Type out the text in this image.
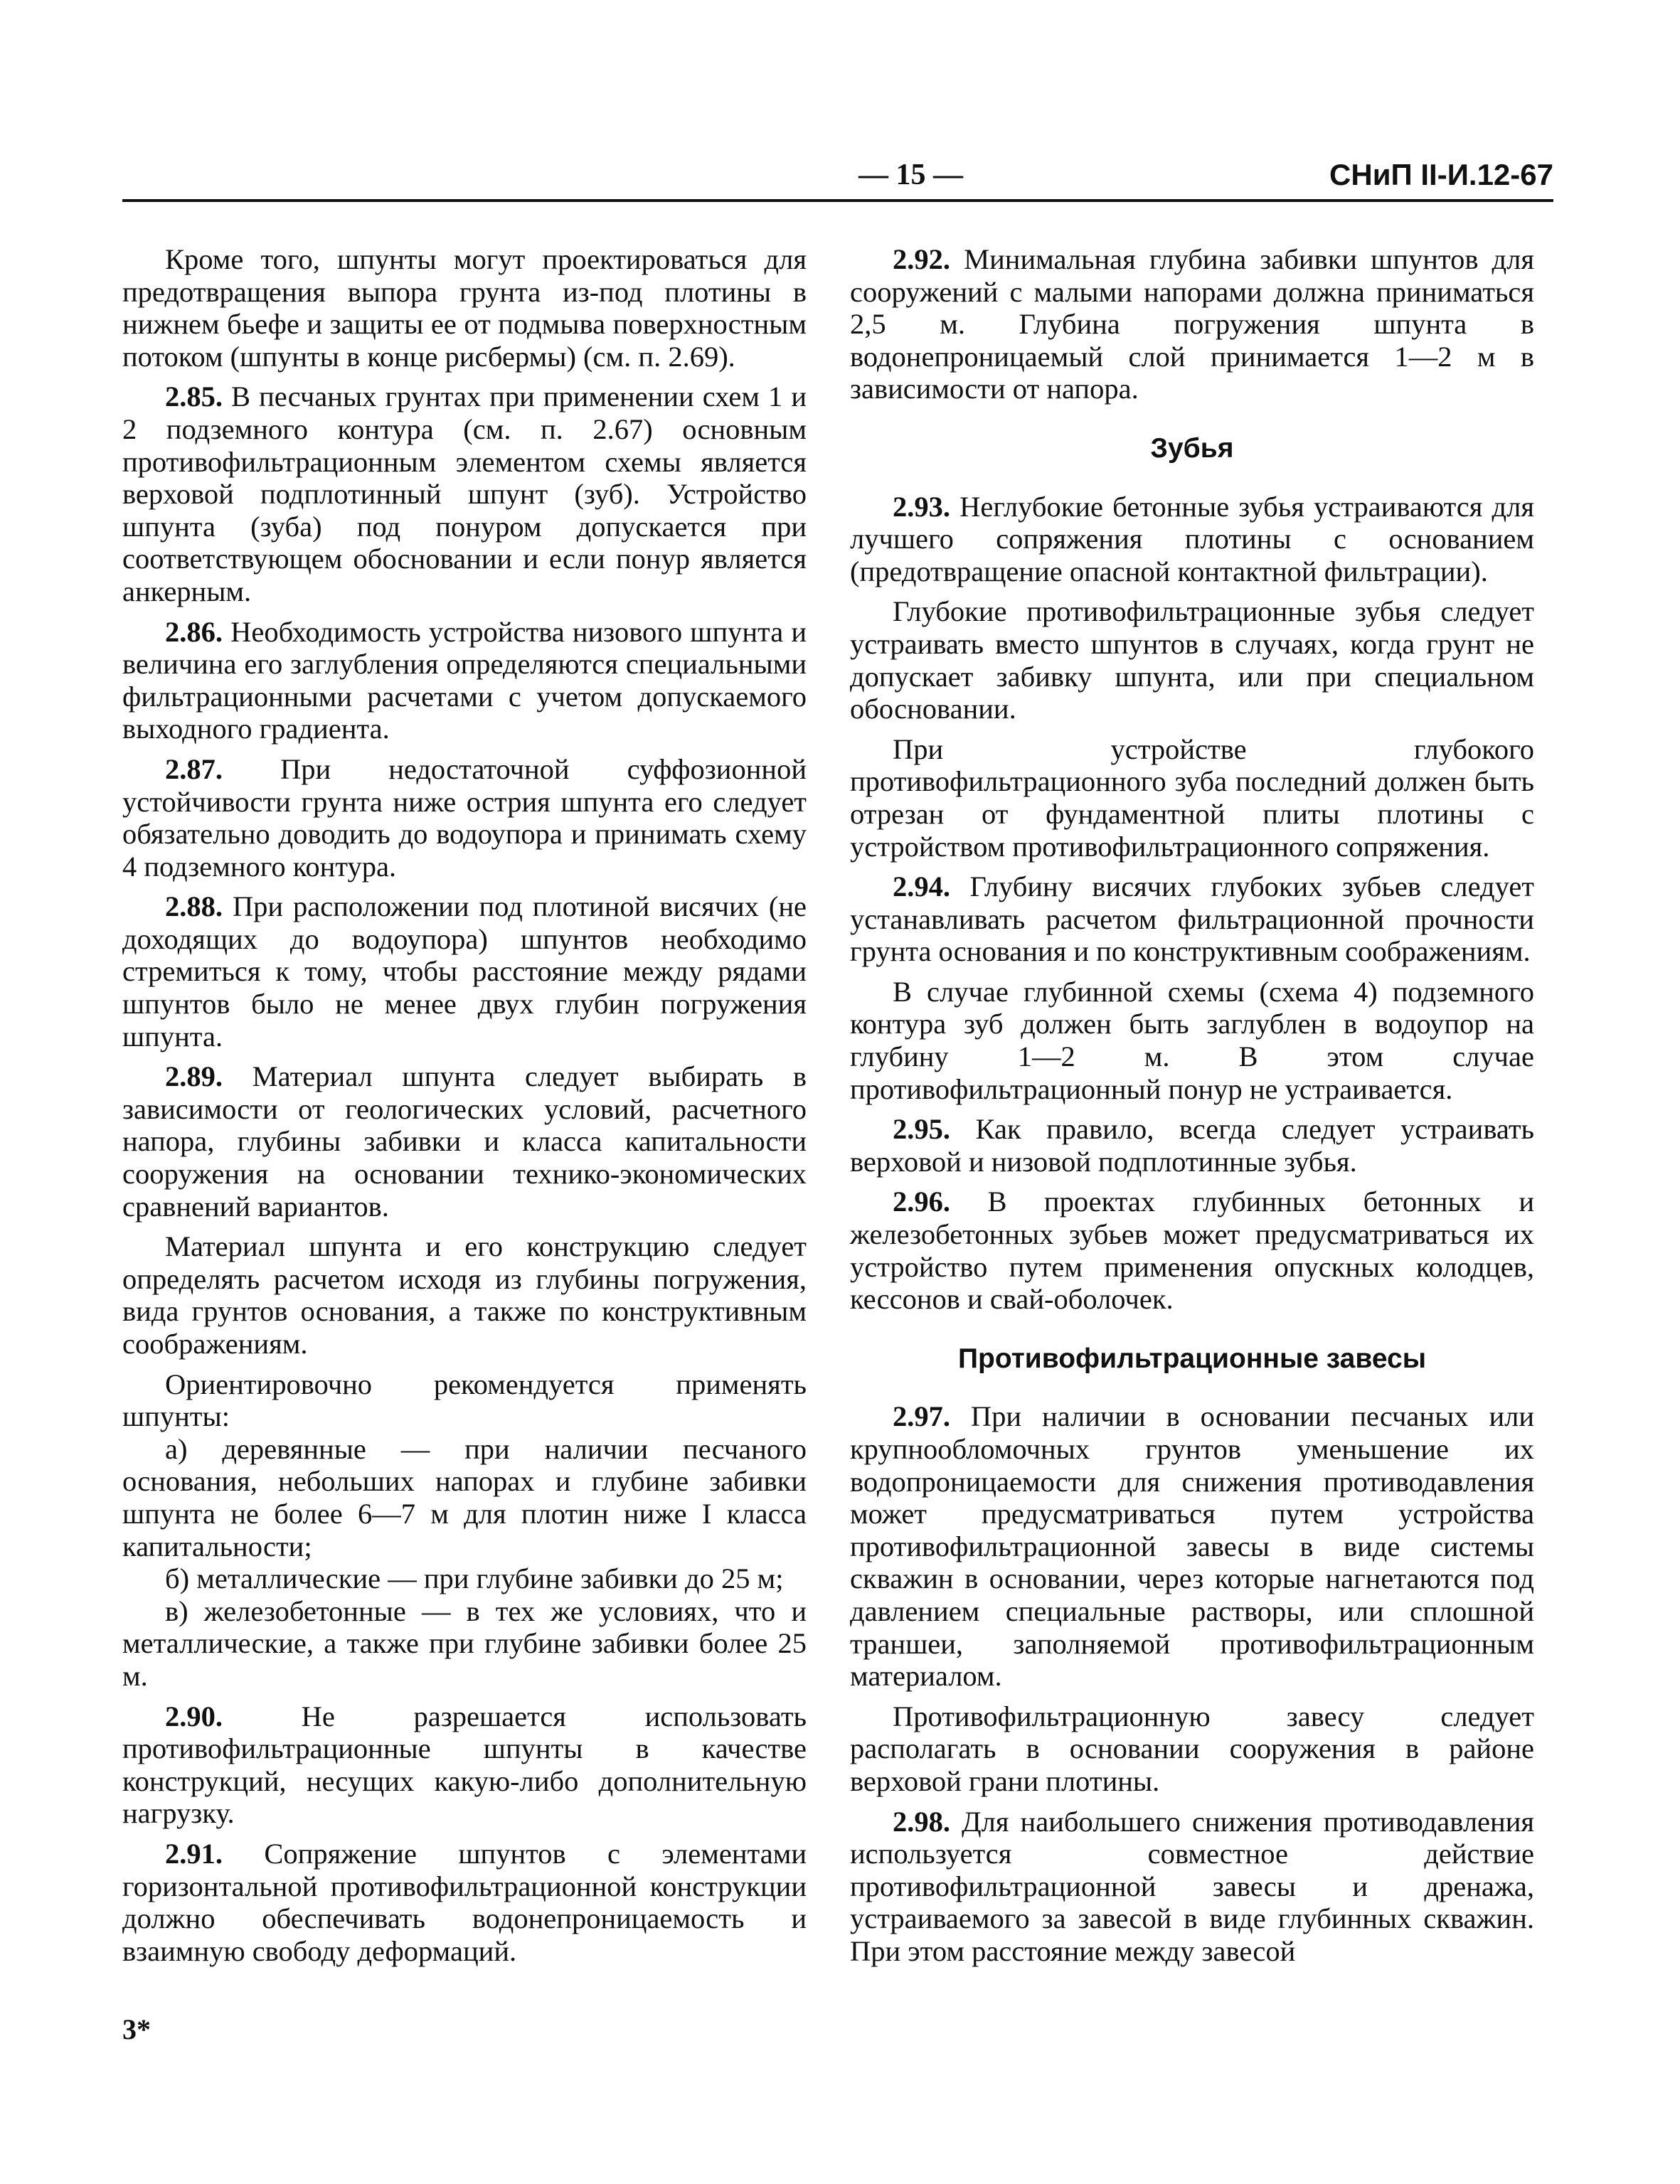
— 15 —	СНиП II-И.12-67

Кроме того, шпунты могут проектироваться для предотвращения выпора грунта из-под плотины в нижнем бьефе и защиты ее от подмыва поверхностным потоком (шпунты в конце рисбермы) (см. п. 2.69).

2.85. В песчаных грунтах при применении схем 1 и 2 подземного контура (см. п. 2.67) основным противофильтрационным элементом схемы является верховой подплотинный шпунт (зуб). Устройство шпунта (зуба) под понуром допускается при соответствующем обосновании и если понур является анкерным.

2.86. Необходимость устройства низового шпунта и величина его заглубления определяются специальными фильтрационными расчетами с учетом допускаемого выходного градиента.

2.87. При недостаточной суффозионной устойчивости грунта ниже острия шпунта его следует обязательно доводить до водоупора и принимать схему 4 подземного контура.

2.88. При расположении под плотиной висячих (не доходящих до водоупора) шпунтов необходимо стремиться к тому, чтобы расстояние между рядами шпунтов было не менее двух глубин погружения шпунта.

2.89. Материал шпунта следует выбирать в зависимости от геологических условий, расчетного напора, глубины забивки и класса капитальности сооружения на основании технико-экономических сравнений вариантов.

Материал шпунта и его конструкцию следует определять расчетом исходя из глубины погружения, вида грунтов основания, а также по конструктивным соображениям.

Ориентировочно рекомендуется применять шпунты:

а) деревянные — при наличии песчаного основания, небольших напорах и глубине забивки шпунта не более 6—7 м для плотин ниже I класса капитальности;

б) металлические — при глубине забивки до 25 м;

в) железобетонные — в тех же условиях, что и металлические, а также при глубине забивки более 25 м.

2.90.	Не разрешается использовать противофильтрационные шпунты в качестве конструкций, несущих какую-либо дополнительную нагрузку.

2.91. Сопряжение шпунтов с элементами горизонтальной противофильтрационной конструкции должно обеспечивать водонепроницаемость и взаимную свободу деформаций.

2.92. Минимальная глубина забивки шпунтов для сооружений с малыми напорами должна приниматься 2,5 м. Глубина погружения шпунта в водонепроницаемый слой принимается 1—2 м в зависимости от напора.

Зубья

2.93. Неглубокие бетонные зубья устраиваются для лучшего сопряжения плотины с основанием (предотвращение опасной контактной фильтрации).

Глубокие противофильтрационные зубья следует устраивать вместо шпунтов в случаях, когда грунт не допускает забивку шпунта, или при специальном обосновании.

При устройстве глубокого противофильтрационного зуба последний должен быть отрезан от фундаментной плиты плотины с устройством противофильтрационного сопряжения.

2.94. Глубину висячих глубоких зубьев следует устанавливать расчетом фильтрационной прочности грунта основания и по конструктивным соображениям.

В случае глубинной схемы (схема 4) подземного контура зуб должен быть заглублен в водоупор на глубину 1—2 м. В этом случае противофильтрационный понур не устраивается.

2.95. Как правило, всегда следует устраивать верховой и низовой подплотинные зубья.

2.96. В проектах глубинных бетонных и железобетонных зубьев может предусматриваться их устройство путем применения опускных колодцев, кессонов и свай-оболочек.

Противофильтрационные завесы

2.97. При наличии в основании песчаных или крупнообломочных грунтов уменьшение их водопроницаемости для снижения противодавления может предусматриваться путем устройства противофильтрационной завесы в виде системы скважин в основании, через которые нагнетаются под давлением специальные растворы, или сплошной траншеи, заполняемой противофильтрационным материалом.

Противофильтрационную завесу следует располагать в основании сооружения в районе верховой грани плотины.

2.98. Для наибольшего снижения противодавления используется совместное действие противофильтрационной завесы и дренажа, устраиваемого за завесой в виде глубинных скважин. При этом расстояние между завесой

3*
